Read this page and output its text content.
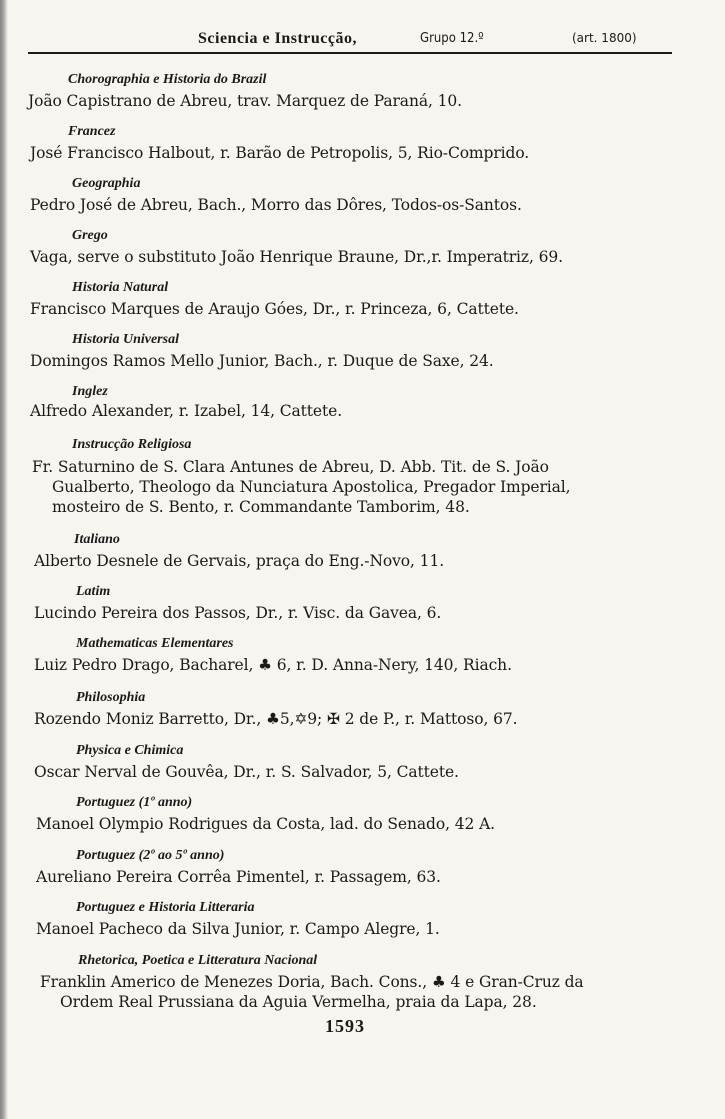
Sciencia e Instrucção,	Grupo 12.º	(art. 1800)
Chorographia e Historia do Brazil
João Capistrano de Abreu, trav. Marquez de Paraná, 10.
Francez
José Francisco Halbout, r. Barão de Petropolis, 5, Rio-Comprido.
Geographia
Pedro José de Abreu, Bach., Morro das Dôres, Todos-os-Santos.
Grego
Vaga, serve o substituto João Henrique Braune, Dr.,r. Imperatriz, 69.
Historia Natural
Francisco Marques de Araujo Góes, Dr., r. Princeza, 6, Cattete.
Historia Universal
Domingos Ramos Mello Junior, Bach., r. Duque de Saxe, 24.
Inglez
Alfredo Alexander, r. Izabel, 14, Cattete.
Instrucção Religiosa
Fr. Saturnino de S. Clara Antunes de Abreu, D. Abb. Tit. de S. João
Gualberto, Theologo da Nunciatura Apostolica, Pregador Imperial,
mosteiro de S. Bento, r. Commandante Tamborim, 48.
Italiano
Alberto Desnele de Gervais, praça do Eng.-Novo, 11.
Latim
Lucindo Pereira dos Passos, Dr., r. Visc. da Gavea, 6.
Mathematicas Elementares
Luiz Pedro Drago, Bacharel, ♣ 6, r. D. Anna-Nery, 140, Riach.
Philosophia
Rozendo Moniz Barretto, Dr., ♣5,✡9; ✠ 2 de P., r. Mattoso, 67.
Physica e Chimica
Oscar Nerval de Gouvêa, Dr., r. S. Salvador, 5, Cattete.
Portuguez (1º anno)
Manoel Olympio Rodrigues da Costa, lad. do Senado, 42 A.
Portuguez (2º ao 5º anno)
Aureliano Pereira Corrêa Pimentel, r. Passagem, 63.
Portuguez e Historia Litteraria
Manoel Pacheco da Silva Junior, r. Campo Alegre, 1.
Rhetorica, Poetica e Litteratura Nacional
Franklin Americo de Menezes Doria, Bach. Cons., ♣ 4 e Gran-Cruz da
Ordem Real Prussiana da Aguia Vermelha, praia da Lapa, 28.
1593
